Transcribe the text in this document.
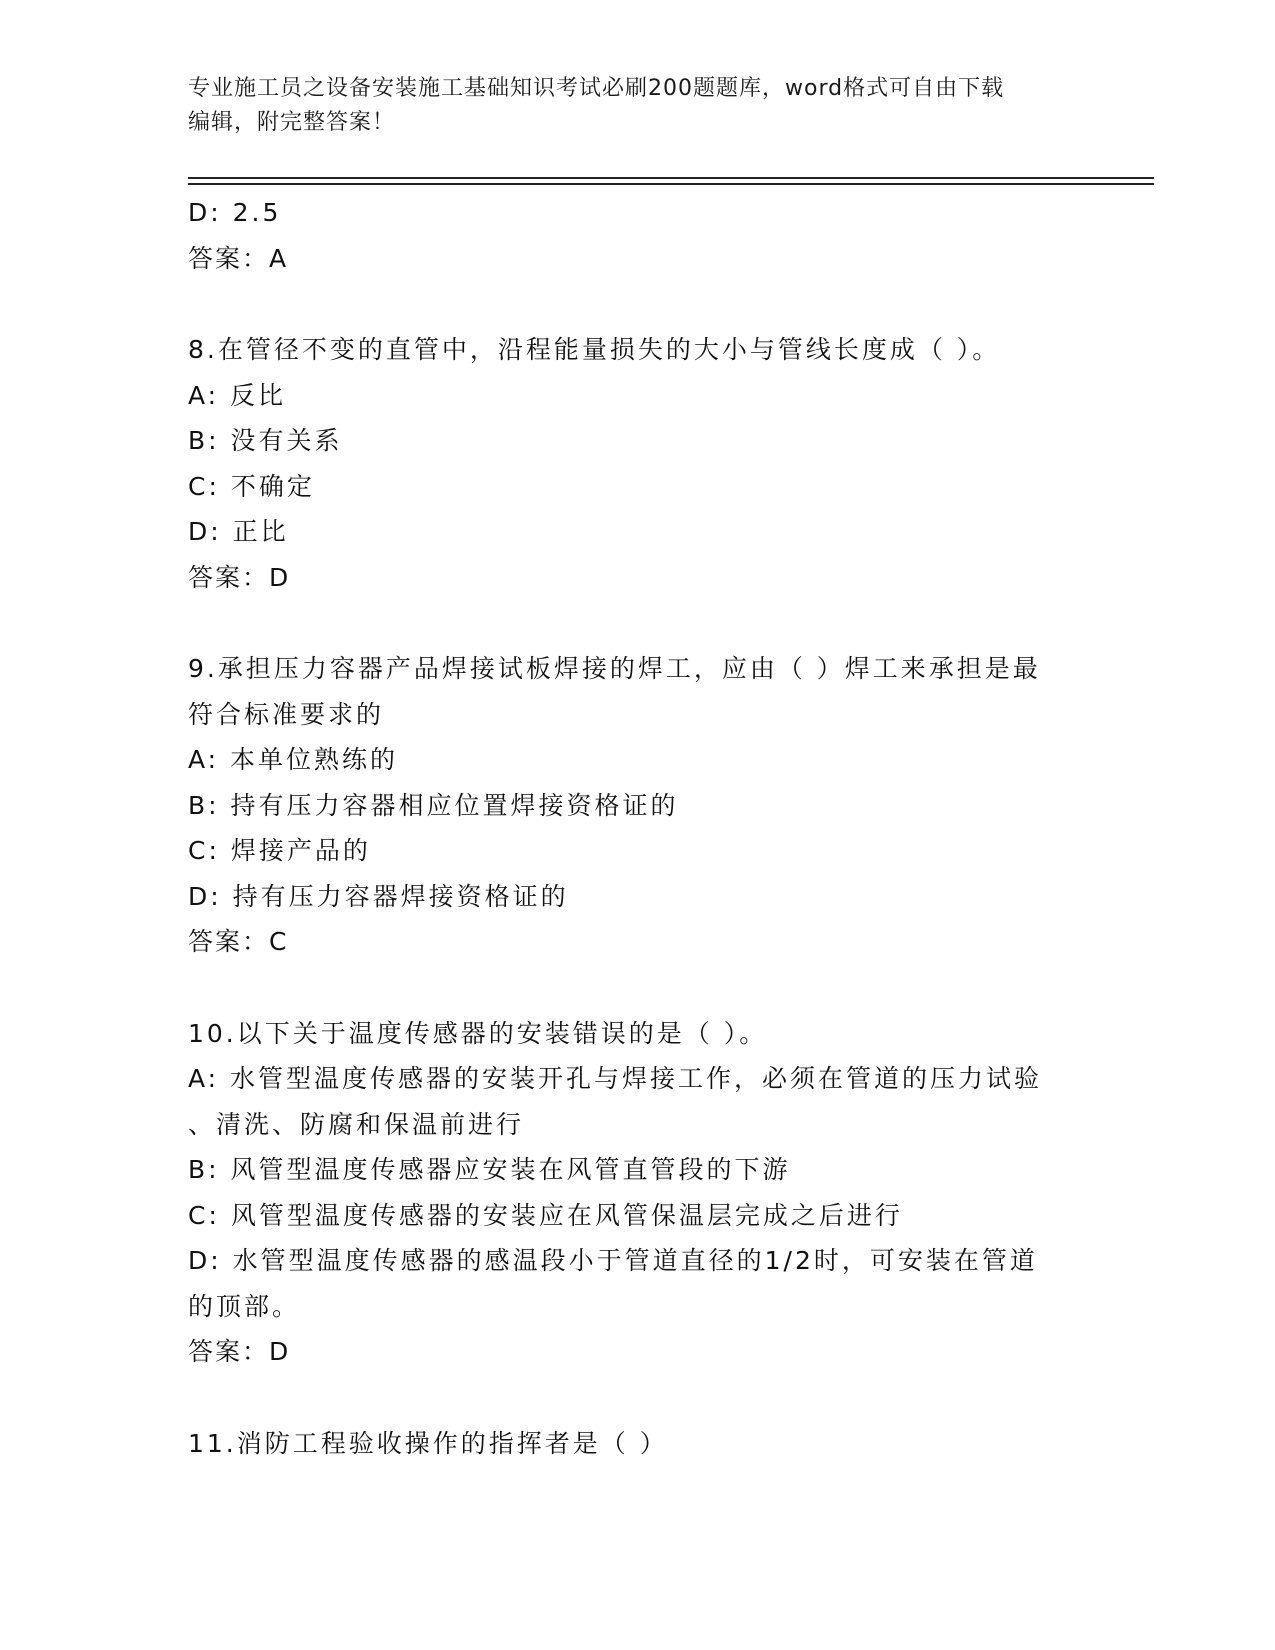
专业施工员之设备安装施工基础知识考试必刷200题题库，word格式可自由下载
编辑，附完整答案！
D: 2.5
答案：A
8.在管径不变的直管中，沿程能量损失的大小与管线长度成（ ）。
A: 反比
B: 没有关系
C: 不确定
D: 正比
答案：D
9.承担压力容器产品焊接试板焊接的焊工，应由（ ）焊工来承担是最
符合标准要求的
A: 本单位熟练的
B: 持有压力容器相应位置焊接资格证的
C: 焊接产品的
D: 持有压力容器焊接资格证的
答案：C
10.以下关于温度传感器的安装错误的是（ ）。
A: 水管型温度传感器的安装开孔与焊接工作，必须在管道的压力试验
、清洗、防腐和保温前进行
B: 风管型温度传感器应安装在风管直管段的下游
C: 风管型温度传感器的安装应在风管保温层完成之后进行
D: 水管型温度传感器的感温段小于管道直径的1/2时，可安装在管道
的顶部。
答案：D
11.消防工程验收操作的指挥者是（ ）
